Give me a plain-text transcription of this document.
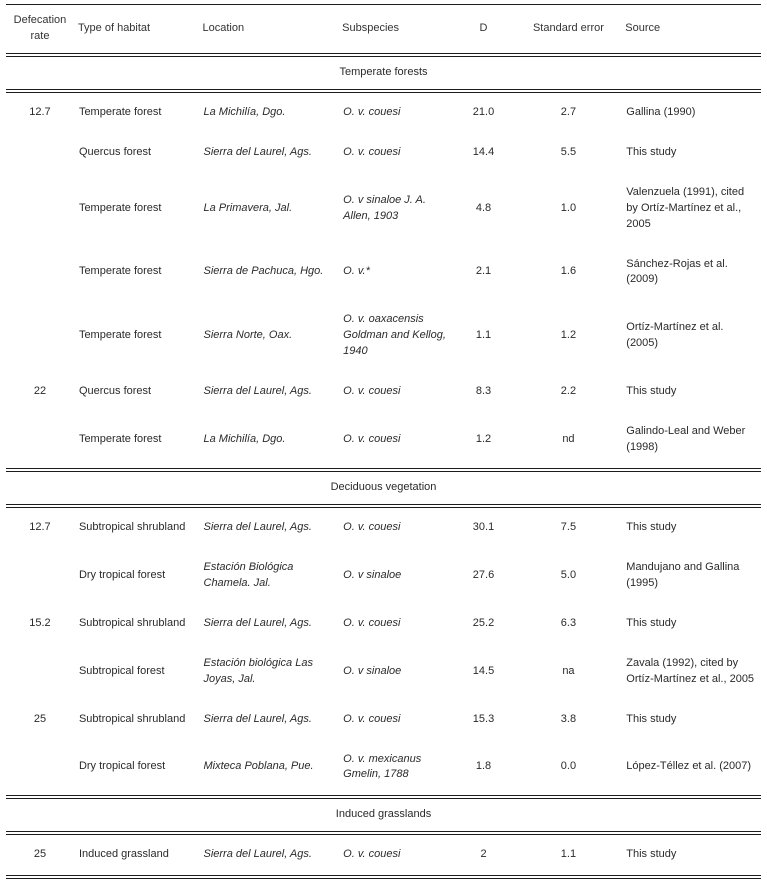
Defecation rate	Type of habitat	Location	Subspecies	D	Standard error	Source
Temperate forests						
12.7	Temperate forest	La Michilía, Dgo.	O. v. couesi	21.0	2.7	Gallina (1990)
	Quercus forest	Sierra del Laurel, Ags.	O. v. couesi	14.4	5.5	This study
	Temperate forest	La Primavera, Jal.	O. v sinaloe J. A. Allen, 1903	4.8	1.0	Valenzuela (1991), cited by Ortíz-Martínez et al., 2005
	Temperate forest	Sierra de Pachuca, Hgo.	O. v.*	2.1	1.6	Sánchez-Rojas et al. (2009)
	Temperate forest	Sierra Norte, Oax.	O. v. oaxacensis Goldman and Kellog, 1940	1.1	1.2	Ortíz-Martínez et al. (2005)
22	Quercus forest	Sierra del Laurel, Ags.	O. v. couesi	8.3	2.2	This study
	Temperate forest	La Michilía, Dgo.	O. v. couesi	1.2	nd	Galindo-Leal and Weber (1998)
Deciduous vegetation						
12.7	Subtropical shrubland	Sierra del Laurel, Ags.	O. v. couesi	30.1	7.5	This study
	Dry tropical forest	Estación Biológica Chamela. Jal.	O. v sinaloe	27.6	5.0	Mandujano and Gallina (1995)
15.2	Subtropical shrubland	Sierra del Laurel, Ags.	O. v. couesi	25.2	6.3	This study
	Subtropical forest	Estación biológica Las Joyas, Jal.	O. v sinaloe	14.5	na	Zavala (1992), cited by Ortíz-Martínez et al., 2005
25	Subtropical shrubland	Sierra del Laurel, Ags.	O. v. couesi	15.3	3.8	This study
	Dry tropical forest	Mixteca Poblana, Pue.	O. v. mexicanus Gmelin, 1788	1.8	0.0	López-Téllez et al. (2007)
Induced grasslands						
25	Induced grassland	Sierra del Laurel, Ags.	O. v. couesi	2	1.1	This study
